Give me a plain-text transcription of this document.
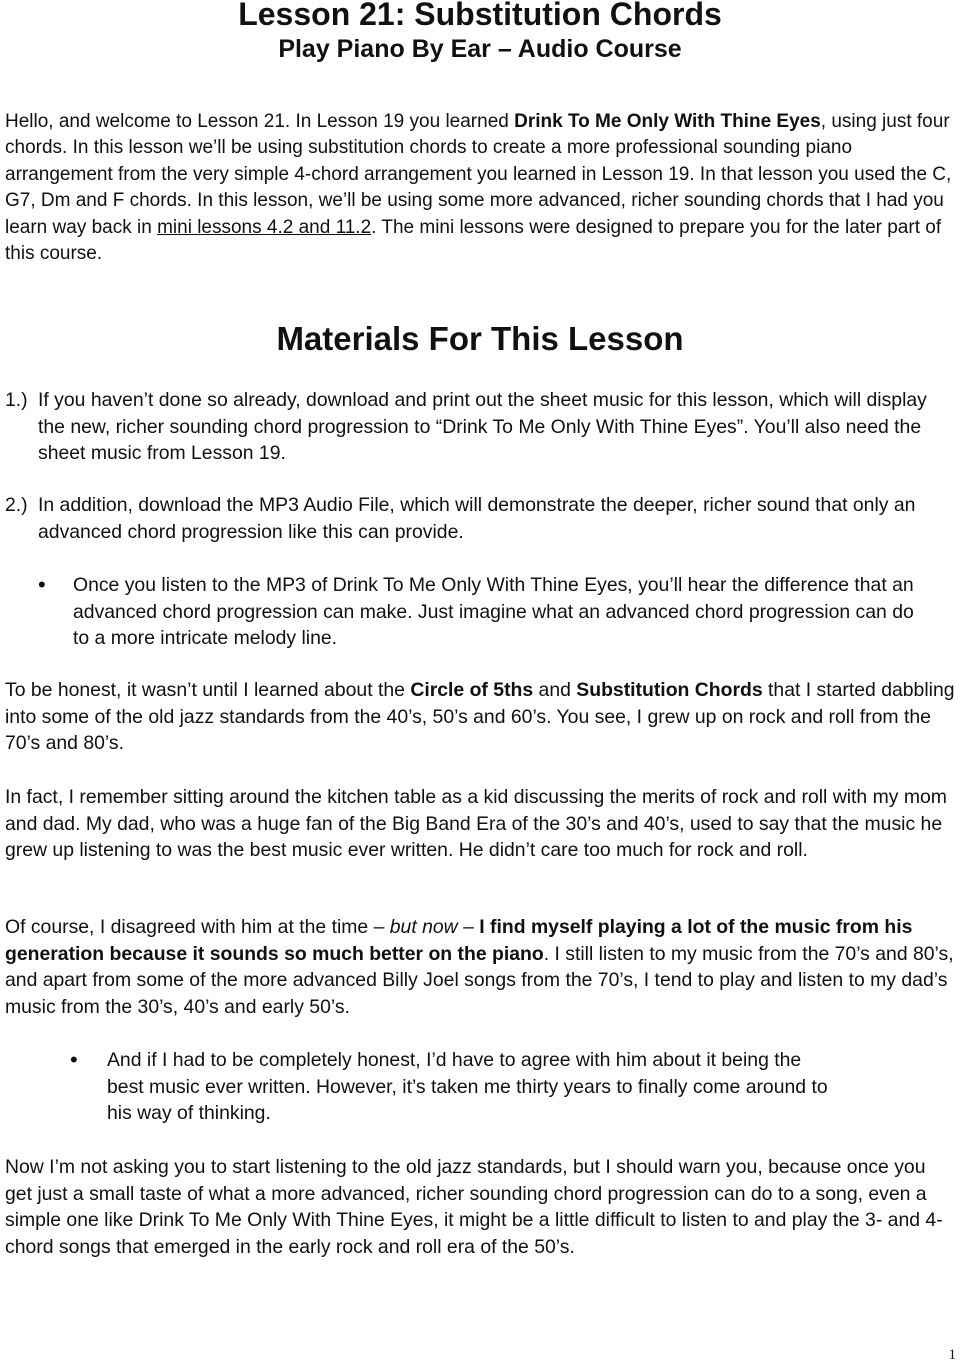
Lesson 21: Substitution Chords
Play Piano By Ear – Audio Course

Hello, and welcome to Lesson 21. In Lesson 19 you learned Drink To Me Only With Thine Eyes, using just four chords. In this lesson we’ll be using substitution chords to create a more professional sounding piano arrangement from the very simple 4-chord arrangement you learned in Lesson 19. In that lesson you used the C, G7, Dm and F chords. In this lesson, we’ll be using some more advanced, richer sounding chords that I had you learn way back in mini lessons 4.2 and 11.2. The mini lessons were designed to prepare you for the later part of this course.

Materials For This Lesson
1.) If you haven’t done so already, download and print out the sheet music for this lesson, which will display the new, richer sounding chord progression to “Drink To Me Only With Thine Eyes”. You’ll also need the sheet music from Lesson 19.
2.) In addition, download the MP3 Audio File, which will demonstrate the deeper, richer sound that only an advanced chord progression like this can provide.
• Once you listen to the MP3 of Drink To Me Only With Thine Eyes, you’ll hear the difference that an advanced chord progression can make. Just imagine what an advanced chord progression can do to a more intricate melody line.

To be honest, it wasn’t until I learned about the Circle of 5ths and Substitution Chords that I started dabbling into some of the old jazz standards from the 40’s, 50’s and 60’s. You see, I grew up on rock and roll from the 70’s and 80’s.

In fact, I remember sitting around the kitchen table as a kid discussing the merits of rock and roll with my mom and dad. My dad, who was a huge fan of the Big Band Era of the 30’s and 40’s, used to say that the music he grew up listening to was the best music ever written. He didn’t care too much for rock and roll.

Of course, I disagreed with him at the time – but now – I find myself playing a lot of the music from his generation because it sounds so much better on the piano. I still listen to my music from the 70’s and 80’s, and apart from some of the more advanced Billy Joel songs from the 70’s, I tend to play and listen to my dad’s music from the 30’s, 40’s and early 50’s.

• And if I had to be completely honest, I’d have to agree with him about it being the best music ever written. However, it’s taken me thirty years to finally come around to his way of thinking.

Now I’m not asking you to start listening to the old jazz standards, but I should warn you, because once you get just a small taste of what a more advanced, richer sounding chord progression can do to a song, even a simple one like Drink To Me Only With Thine Eyes, it might be a little difficult to listen to and play the 3- and 4-chord songs that emerged in the early rock and roll era of the 50’s.

1
